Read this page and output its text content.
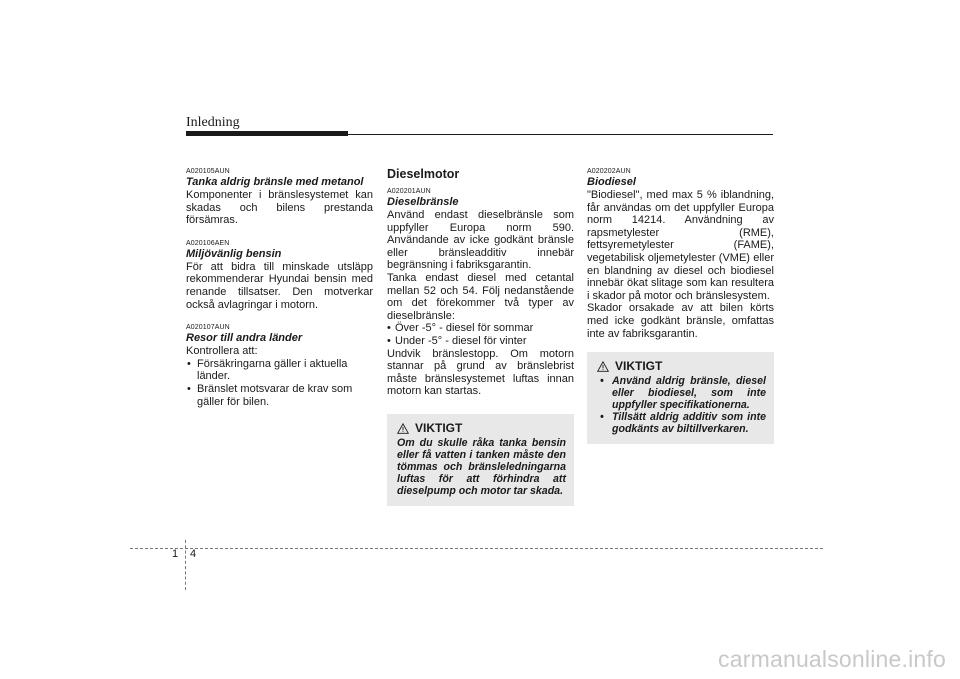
Inledning

A020105AUN

Tanka aldrig bränsle med metanol

Komponenter i bränslesystemet kan skadas och bilens prestanda försämras.

A020106AEN

Miljövänlig bensin

För att bidra till minskade utsläpp rekommenderar Hyundai bensin med renande tillsatser. Den motverkar också avlagringar i motorn.

A020107AUN

Resor till andra länder

Kontrollera att:

• Försäkringarna gäller i aktuella länder.
• Bränslet motsvarar de krav som gäller för bilen.

Dieselmotor

A020201AUN

Dieselbränsle

Använd endast dieselbränsle som uppfyller Europa norm 590. Användande av icke godkänt bränsle eller bränsleadditiv innebär begränsning i fabriksgarantin.

Tanka endast diesel med cetantal mellan 52 och 54. Följ nedanstående om det förekommer två typer av dieselbränsle:

• Över -5° - diesel för sommar
• Under -5° - diesel för vinter

Undvik bränslestopp. Om motorn stannar på grund av bränslebrist måste bränslesystemet luftas innan motorn kan startas.

VIKTIGT

Om du skulle råka tanka bensin eller få vatten i tanken måste den tömmas och bränsleledningarna luftas för att förhindra att dieselpump och motor tar skada.

A020202AUN

Biodiesel

"Biodiesel", med max 5 % iblandning, får användas om det uppfyller Europa norm 14214. Användning av rapsmetylester (RME), fettsyremetylester (FAME), vegetabilisk oljemetylester (VME) eller en blandning av diesel och biodiesel innebär ökat slitage som kan resultera i skador på motor och bränslesystem.

Skador orsakade av att bilen körts med icke godkänt bränsle, omfattas inte av fabriksgarantin.

VIKTIGT
• Använd aldrig bränsle, diesel eller biodiesel, som inte uppfyller specifikationerna.
• Tillsätt aldrig additiv som inte godkänts av biltillverkaren.
1 4
carmanualsonline.info
